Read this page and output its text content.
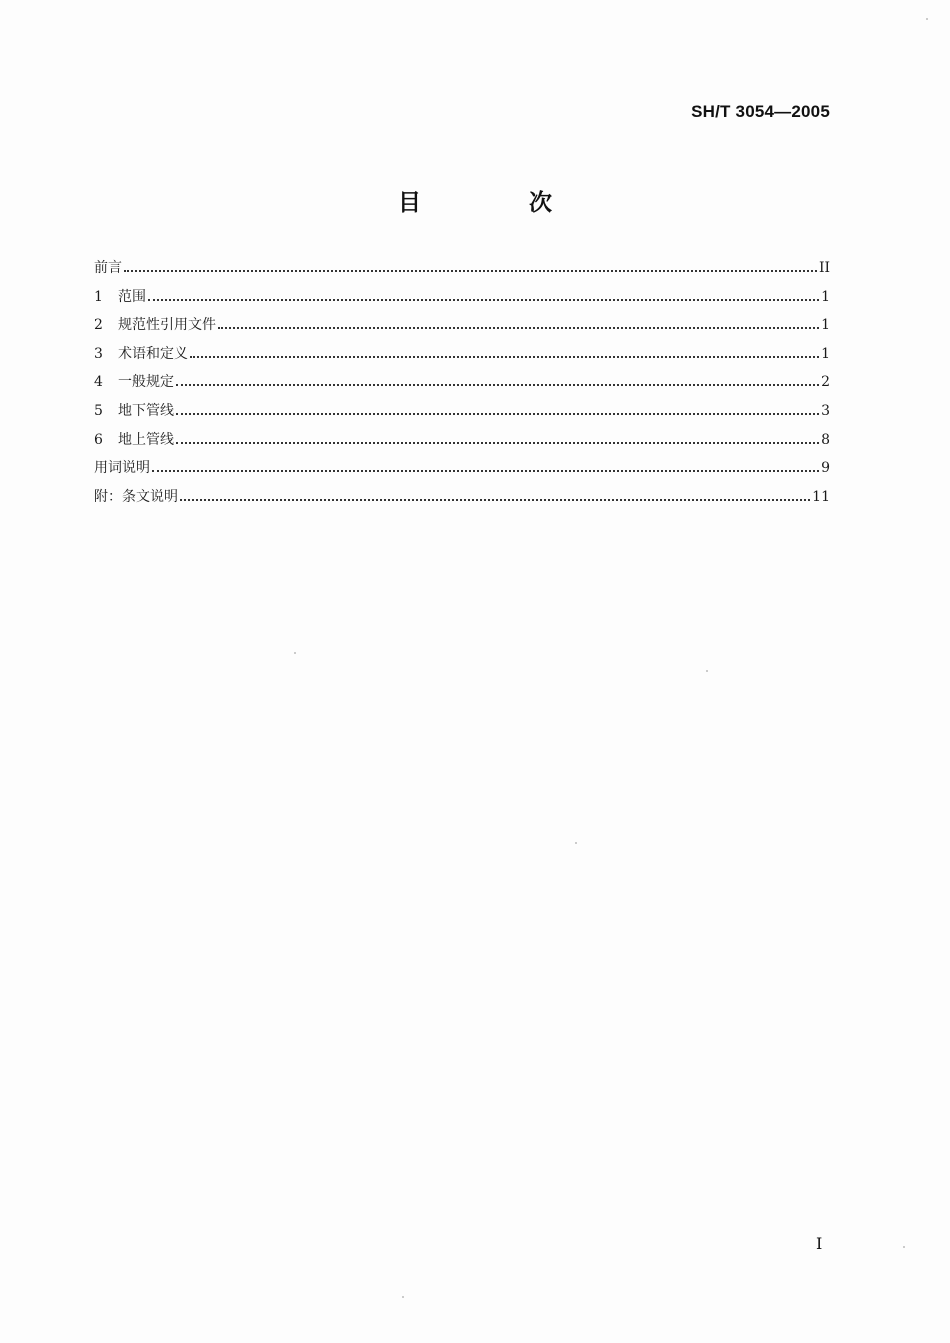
SH/T 3054—2005
目 次
前言	II
1	范围	1
2	规范性引用文件	1
3	术语和定义	1
4	一般规定	2
5	地下管线	3
6	地上管线	8
用词说明	9
附：条文说明	11
I
